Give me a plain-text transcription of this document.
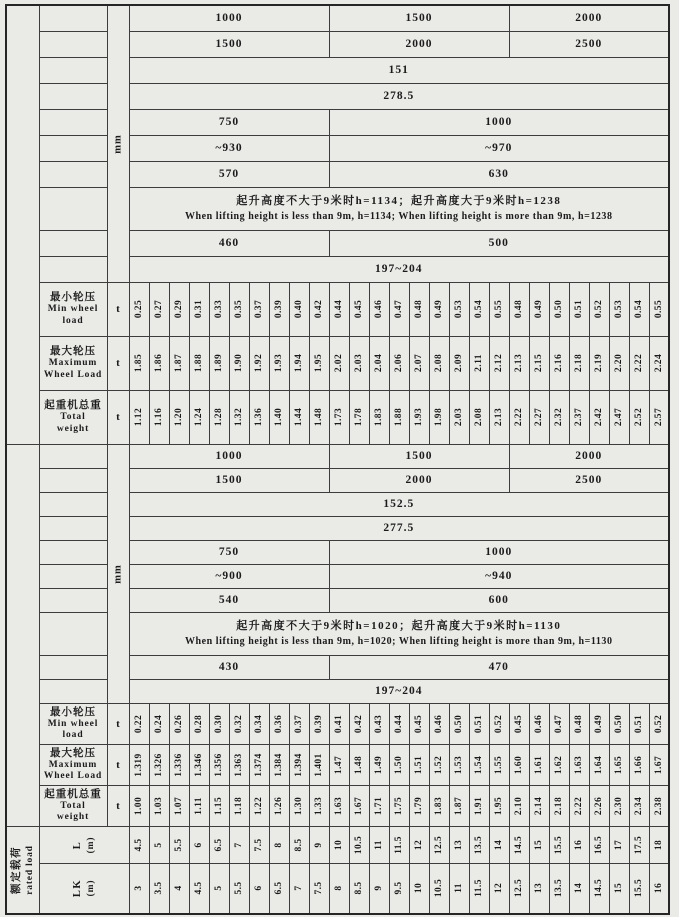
		mm	1000										1500									2000							
			1500										2000									2500							
			151																										
			278.5																										
			750										1000																
			~930										~970																
			570										630																

			起升高度不大于9米时h=1134；起升高度大于9米时h=1238
When lifting height is less than 9m, h=1134; When lifting height is more than 9m, h=1238																										

			460										500																
			197~204																										

	最小轮压
Min wheel
load	t	0.25	0.27	0.29	0.31	0.33	0.35	0.37	0.39	0.40	0.42	0.44	0.45	0.46	0.47	0.48	0.49	0.53	0.54	0.55	0.48	0.49	0.50	0.51	0.52	0.53	0.54	0.55

	最大轮压
Maximum
Wheel Load	t	1.85	1.86	1.87	1.88	1.89	1.90	1.92	1.93	1.94	1.95	2.02	2.03	2.04	2.06	2.07	2.08	2.09	2.11	2.12	2.13	2.15	2.16	2.18	2.19	2.20	2.22	2.24

	起重机总重
Total
weight	t	1.12	1.16	1.20	1.24	1.28	1.32	1.36	1.40	1.44	1.48	1.73	1.78	1.83	1.88	1.93	1.98	2.03	2.08	2.13	2.22	2.27	2.32	2.37	2.42	2.47	2.52	2.57

		mm	1000										1500									2000							
			1500										2000									2500							
			152.5																										
			277.5																										
			750										1000																
			~900										~940																
			540										600																

			起升高度不大于9米时h=1020；起升高度大于9米时h=1130
When lifting height is less than 9m, h=1020; When lifting height is more than 9m, h=1130																										

			430										470																
			197~204																										

	最小轮压
Min wheel
load	t	0.22	0.24	0.26	0.28	0.30	0.32	0.34	0.36	0.37	0.39	0.41	0.42	0.43	0.44	0.45	0.46	0.50	0.51	0.52	0.45	0.46	0.47	0.48	0.49	0.50	0.51	0.52

	最大轮压
Maximum
Wheel Load	t	1.319	1.326	1.336	1.346	1.356	1.363	1.374	1.384	1.394	1.401	1.47	1.48	1.49	1.50	1.51	1.52	1.53	1.54	1.55	1.60	1.61	1.62	1.63	1.64	1.65	1.66	1.67

	起重机总重
Total
weight	t	1.00	1.03	1.07	1.11	1.15	1.18	1.22	1.26	1.30	1.33	1.63	1.67	1.71	1.75	1.79	1.83	1.87	1.91	1.95	2.10	2.14	2.18	2.22	2.26	2.30	2.34	2.38

额定载荷 rated load

L (m)	4.5	5	5.5	6	6.5	7	7.5	8	8.5	9	10	10.5	11	11.5	12	12.5	13	13.5	14	14.5	15	15.5	16	16.5	17	17.5	18

	LK (m)		3	3.5	4	4.5	5	5.5	6	6.5	7	7.5	8	8.5	9	9.5	10	10.5	11	11.5	12	12.5	13	13.5	14	14.5	15	15.5	16
